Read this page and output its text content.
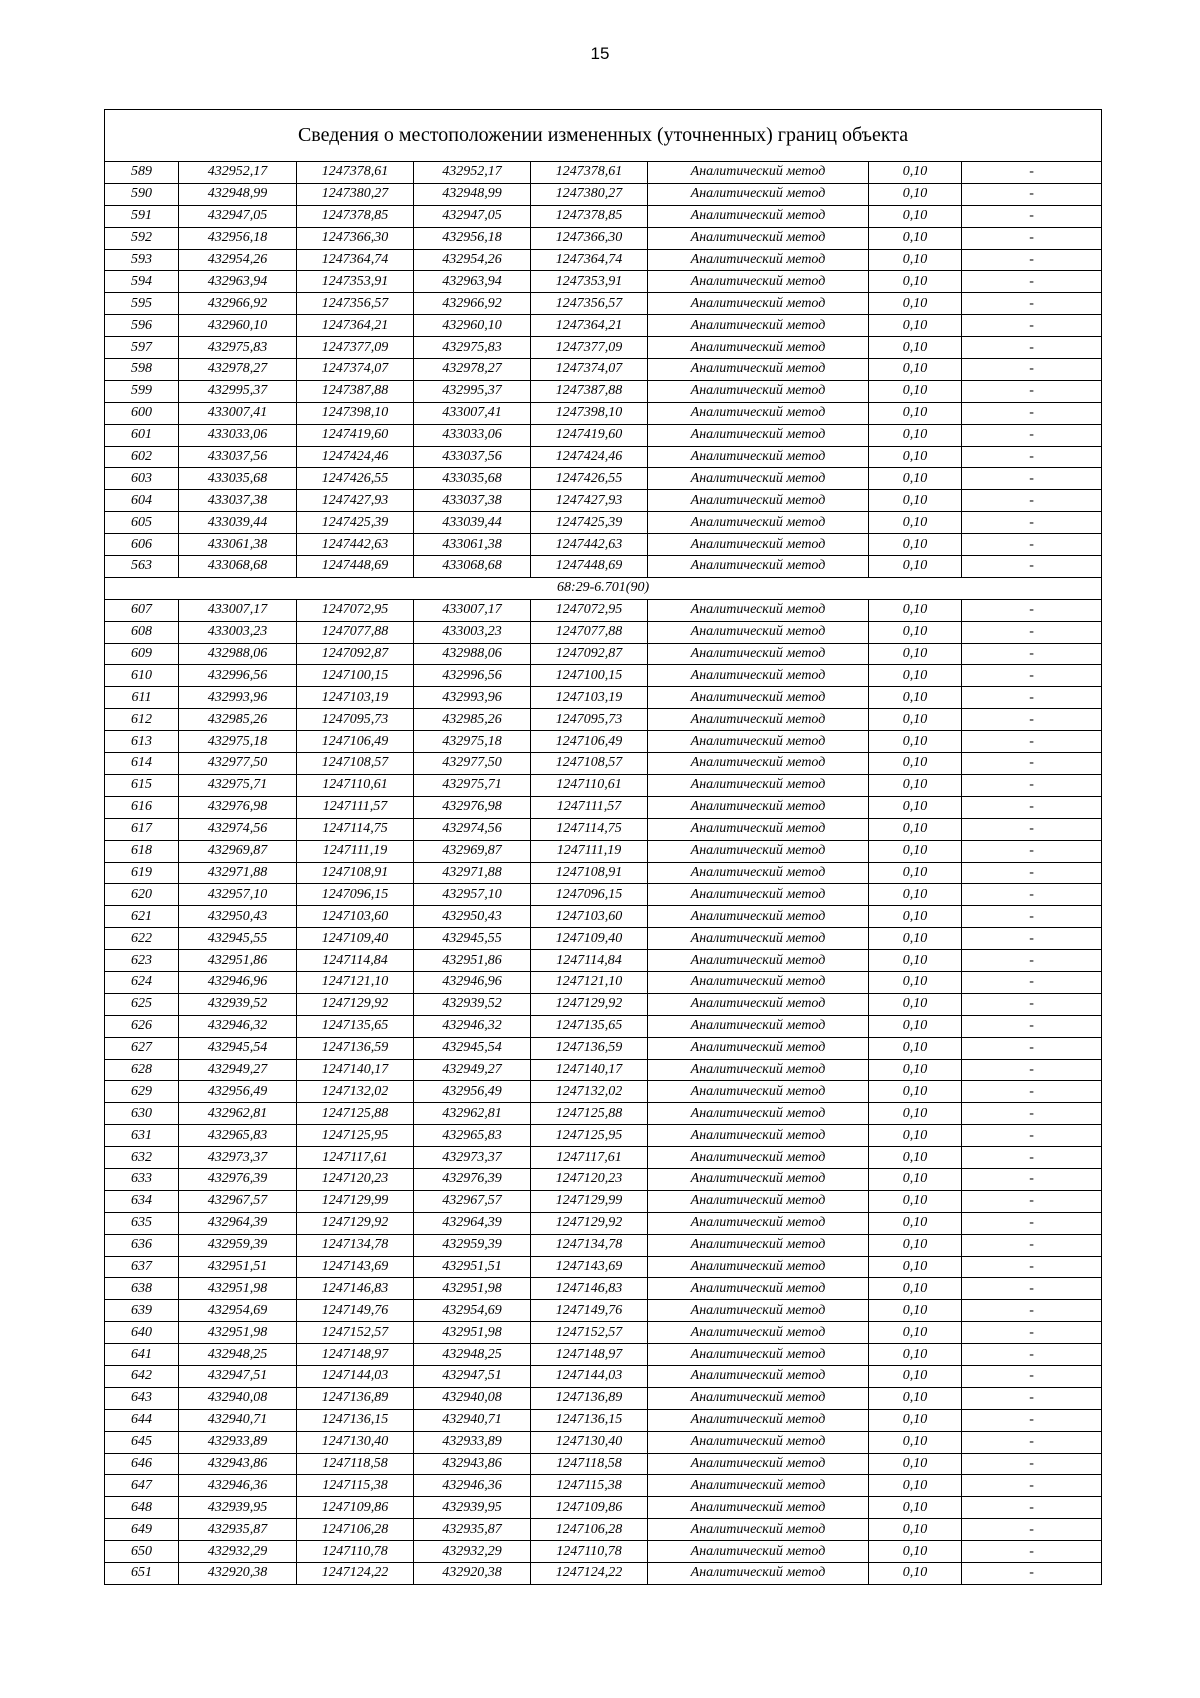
15
Сведения о местоположении измененных (уточненных) границ объекта							
589	432952,17	1247378,61	432952,17	1247378,61	Аналитический метод	0,10	-
590	432948,99	1247380,27	432948,99	1247380,27	Аналитический метод	0,10	-
591	432947,05	1247378,85	432947,05	1247378,85	Аналитический метод	0,10	-
592	432956,18	1247366,30	432956,18	1247366,30	Аналитический метод	0,10	-
593	432954,26	1247364,74	432954,26	1247364,74	Аналитический метод	0,10	-
594	432963,94	1247353,91	432963,94	1247353,91	Аналитический метод	0,10	-
595	432966,92	1247356,57	432966,92	1247356,57	Аналитический метод	0,10	-
596	432960,10	1247364,21	432960,10	1247364,21	Аналитический метод	0,10	-
597	432975,83	1247377,09	432975,83	1247377,09	Аналитический метод	0,10	-
598	432978,27	1247374,07	432978,27	1247374,07	Аналитический метод	0,10	-
599	432995,37	1247387,88	432995,37	1247387,88	Аналитический метод	0,10	-
600	433007,41	1247398,10	433007,41	1247398,10	Аналитический метод	0,10	-
601	433033,06	1247419,60	433033,06	1247419,60	Аналитический метод	0,10	-
602	433037,56	1247424,46	433037,56	1247424,46	Аналитический метод	0,10	-
603	433035,68	1247426,55	433035,68	1247426,55	Аналитический метод	0,10	-
604	433037,38	1247427,93	433037,38	1247427,93	Аналитический метод	0,10	-
605	433039,44	1247425,39	433039,44	1247425,39	Аналитический метод	0,10	-
606	433061,38	1247442,63	433061,38	1247442,63	Аналитический метод	0,10	-
563	433068,68	1247448,69	433068,68	1247448,69	Аналитический метод	0,10	-
68:29-6.701(90)							
607	433007,17	1247072,95	433007,17	1247072,95	Аналитический метод	0,10	-
608	433003,23	1247077,88	433003,23	1247077,88	Аналитический метод	0,10	-
609	432988,06	1247092,87	432988,06	1247092,87	Аналитический метод	0,10	-
610	432996,56	1247100,15	432996,56	1247100,15	Аналитический метод	0,10	-
611	432993,96	1247103,19	432993,96	1247103,19	Аналитический метод	0,10	-
612	432985,26	1247095,73	432985,26	1247095,73	Аналитический метод	0,10	-
613	432975,18	1247106,49	432975,18	1247106,49	Аналитический метод	0,10	-
614	432977,50	1247108,57	432977,50	1247108,57	Аналитический метод	0,10	-
615	432975,71	1247110,61	432975,71	1247110,61	Аналитический метод	0,10	-
616	432976,98	1247111,57	432976,98	1247111,57	Аналитический метод	0,10	-
617	432974,56	1247114,75	432974,56	1247114,75	Аналитический метод	0,10	-
618	432969,87	1247111,19	432969,87	1247111,19	Аналитический метод	0,10	-
619	432971,88	1247108,91	432971,88	1247108,91	Аналитический метод	0,10	-
620	432957,10	1247096,15	432957,10	1247096,15	Аналитический метод	0,10	-
621	432950,43	1247103,60	432950,43	1247103,60	Аналитический метод	0,10	-
622	432945,55	1247109,40	432945,55	1247109,40	Аналитический метод	0,10	-
623	432951,86	1247114,84	432951,86	1247114,84	Аналитический метод	0,10	-
624	432946,96	1247121,10	432946,96	1247121,10	Аналитический метод	0,10	-
625	432939,52	1247129,92	432939,52	1247129,92	Аналитический метод	0,10	-
626	432946,32	1247135,65	432946,32	1247135,65	Аналитический метод	0,10	-
627	432945,54	1247136,59	432945,54	1247136,59	Аналитический метод	0,10	-
628	432949,27	1247140,17	432949,27	1247140,17	Аналитический метод	0,10	-
629	432956,49	1247132,02	432956,49	1247132,02	Аналитический метод	0,10	-
630	432962,81	1247125,88	432962,81	1247125,88	Аналитический метод	0,10	-
631	432965,83	1247125,95	432965,83	1247125,95	Аналитический метод	0,10	-
632	432973,37	1247117,61	432973,37	1247117,61	Аналитический метод	0,10	-
633	432976,39	1247120,23	432976,39	1247120,23	Аналитический метод	0,10	-
634	432967,57	1247129,99	432967,57	1247129,99	Аналитический метод	0,10	-
635	432964,39	1247129,92	432964,39	1247129,92	Аналитический метод	0,10	-
636	432959,39	1247134,78	432959,39	1247134,78	Аналитический метод	0,10	-
637	432951,51	1247143,69	432951,51	1247143,69	Аналитический метод	0,10	-
638	432951,98	1247146,83	432951,98	1247146,83	Аналитический метод	0,10	-
639	432954,69	1247149,76	432954,69	1247149,76	Аналитический метод	0,10	-
640	432951,98	1247152,57	432951,98	1247152,57	Аналитический метод	0,10	-
641	432948,25	1247148,97	432948,25	1247148,97	Аналитический метод	0,10	-
642	432947,51	1247144,03	432947,51	1247144,03	Аналитический метод	0,10	-
643	432940,08	1247136,89	432940,08	1247136,89	Аналитический метод	0,10	-
644	432940,71	1247136,15	432940,71	1247136,15	Аналитический метод	0,10	-
645	432933,89	1247130,40	432933,89	1247130,40	Аналитический метод	0,10	-
646	432943,86	1247118,58	432943,86	1247118,58	Аналитический метод	0,10	-
647	432946,36	1247115,38	432946,36	1247115,38	Аналитический метод	0,10	-
648	432939,95	1247109,86	432939,95	1247109,86	Аналитический метод	0,10	-
649	432935,87	1247106,28	432935,87	1247106,28	Аналитический метод	0,10	-
650	432932,29	1247110,78	432932,29	1247110,78	Аналитический метод	0,10	-
651	432920,38	1247124,22	432920,38	1247124,22	Аналитический метод	0,10	-
